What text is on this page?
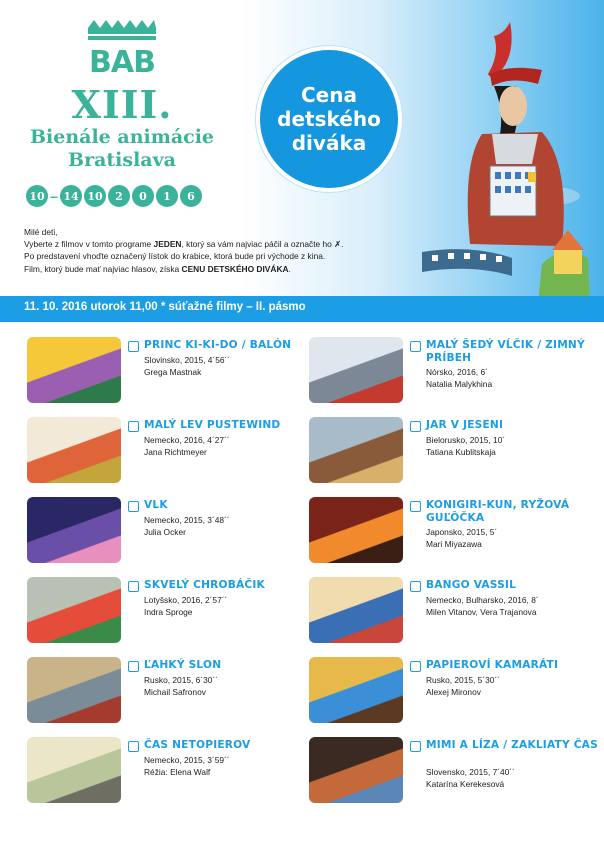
BAB
XIII.
Bienále animácie
Bratislava
10 – 14 10	2	0	1	6
Cena
detského
diváka

Milé deti,

Vyberte z filmov v tomto programe JEDEN, ktorý sa vám najviac páčil a označte ho ✗.

Po predstavení vhoďte označený lístok do krabice, ktorá bude pri východe z kina.

Film, ktorý bude mať najviac hlasov, získa CENU DETSKÉHO DIVÁKA.

11. 10. 2016 utorok 11,00 * súťažné filmy – II. pásmo
PRINC KI-KI-DO / BALÓN
Slovinsko, 2015, 4´56´´
Grega Mastnak
MALÝ ŠEDÝ VĹČIK / ZIMNÝ PRÍBEH
Nórsko, 2016, 6´
Natalia Malykhina
MALÝ LEV PUSTEWIND
Nemecko, 2016, 4´27´´
Jana Richtmeyer
JAR V JESENI
Bielorusko, 2015, 10´
Tatiana Kublitskaja
VLK
Nemecko, 2015, 3´48´´
Julia Ocker
KONIGIRI-KUN, RYŽOVÁ GUĽÔČKA
Japonsko, 2015, 5´
Mari Miyazawa
SKVELÝ CHROBÁČIK
Lotyšsko, 2016, 2´57´´
Indra Sproge
BANGO VASSIL
Nemecko, Bulharsko, 2016, 8´
Milen Vitanov, Vera Trajanova
ĽAHKÝ SLON
Rusko, 2015, 6´30´´
Michail Safronov
PAPIEROVÍ KAMARÁTI
Rusko, 2015, 5´30´´
Alexej Mironov
ČAS NETOPIEROV
Nemecko, 2015, 3´59´´
Réžia: Elena Walf
MIMI A LÍZA / ZAKLIATY ČAS
Slovensko, 2015, 7´40´´
Katarína Kerekesová
